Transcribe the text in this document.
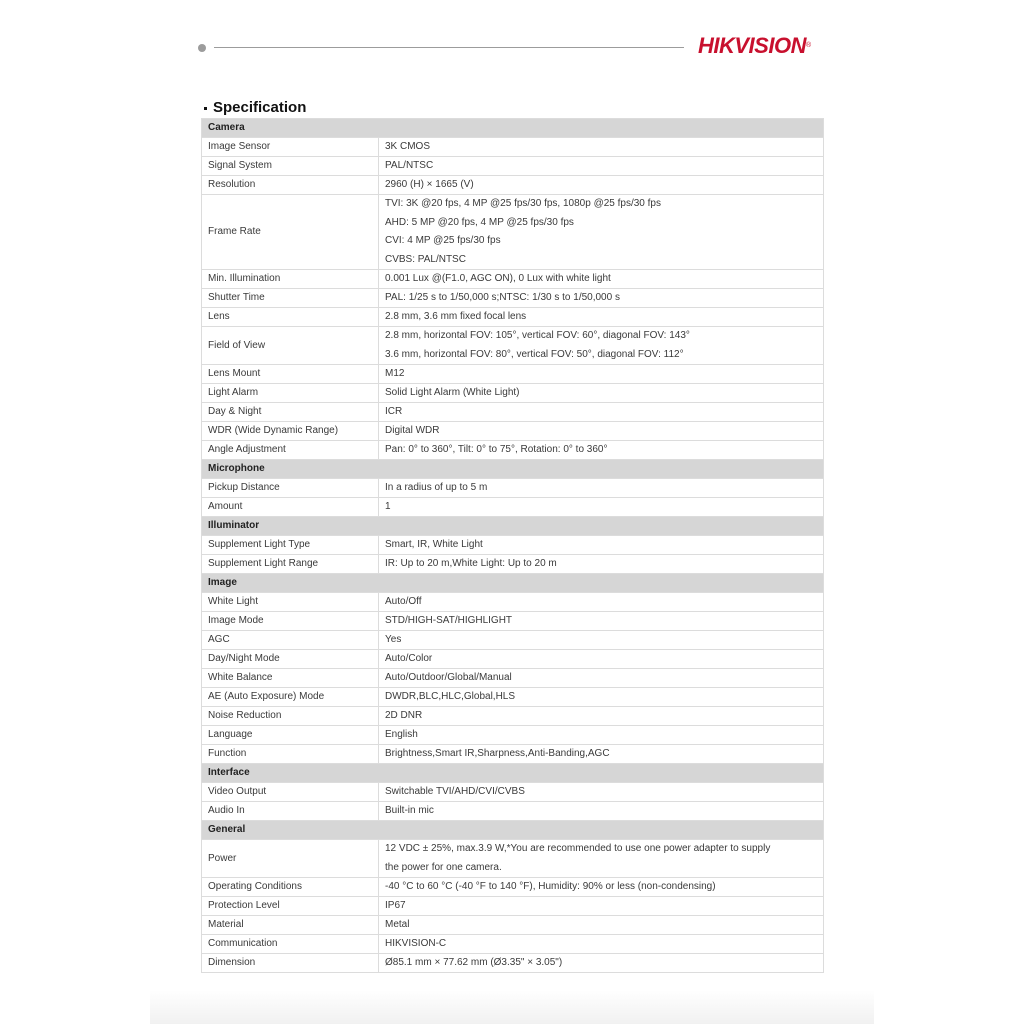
HIKVISION®
Specification
Camera	
Image Sensor	3K CMOS

Signal System	PAL/NTSC

Resolution	2960 (H) × 1665 (V)

Frame Rate	TVI: 3K @20 fps, 4 MP @25 fps/30 fps, 1080p @25 fps/30 fps
AHD: 5 MP @20 fps, 4 MP @25 fps/30 fps
CVI: 4 MP @25 fps/30 fps
CVBS: PAL/NTSC

Min. Illumination	0.001 Lux @(F1.0, AGC ON), 0 Lux with white light

Shutter Time	PAL: 1/25 s to 1/50,000 s;NTSC: 1/30 s to 1/50,000 s

Lens	2.8 mm, 3.6 mm fixed focal lens

Field of View	2.8 mm, horizontal FOV: 105°, vertical FOV: 60°, diagonal FOV: 143°
3.6 mm, horizontal FOV: 80°, vertical FOV: 50°, diagonal FOV: 112°

Lens Mount	M12

Light Alarm	Solid Light Alarm (White Light)

Day & Night	ICR

WDR (Wide Dynamic Range)	Digital WDR

Angle Adjustment	Pan: 0° to 360°, Tilt: 0° to 75°, Rotation: 0° to 360°

Microphone	
Pickup Distance	In a radius of up to 5 m

Amount	1

Illuminator	
Supplement Light Type	Smart, IR, White Light

Supplement Light Range	IR: Up to 20 m,White Light: Up to 20 m

Image	
White Light	Auto/Off

Image Mode	STD/HIGH-SAT/HIGHLIGHT

AGC	Yes

Day/Night Mode	Auto/Color

White Balance	Auto/Outdoor/Global/Manual

AE (Auto Exposure) Mode	DWDR,BLC,HLC,Global,HLS

Noise Reduction	2D DNR

Language	English

Function	Brightness,Smart IR,Sharpness,Anti-Banding,AGC

Interface	
Video Output	Switchable TVI/AHD/CVI/CVBS

Audio In	Built-in mic

General	
Power	12 VDC ± 25%, max.3.9 W,*You are recommended to use one power adapter to supply
the power for one camera.

Operating Conditions	-40 °C to 60 °C (-40 °F to 140 °F), Humidity: 90% or less (non-condensing)

Protection Level	IP67

Material	Metal

Communication	HIKVISION-C

Dimension	Ø85.1 mm × 77.62 mm (Ø3.35" × 3.05")
